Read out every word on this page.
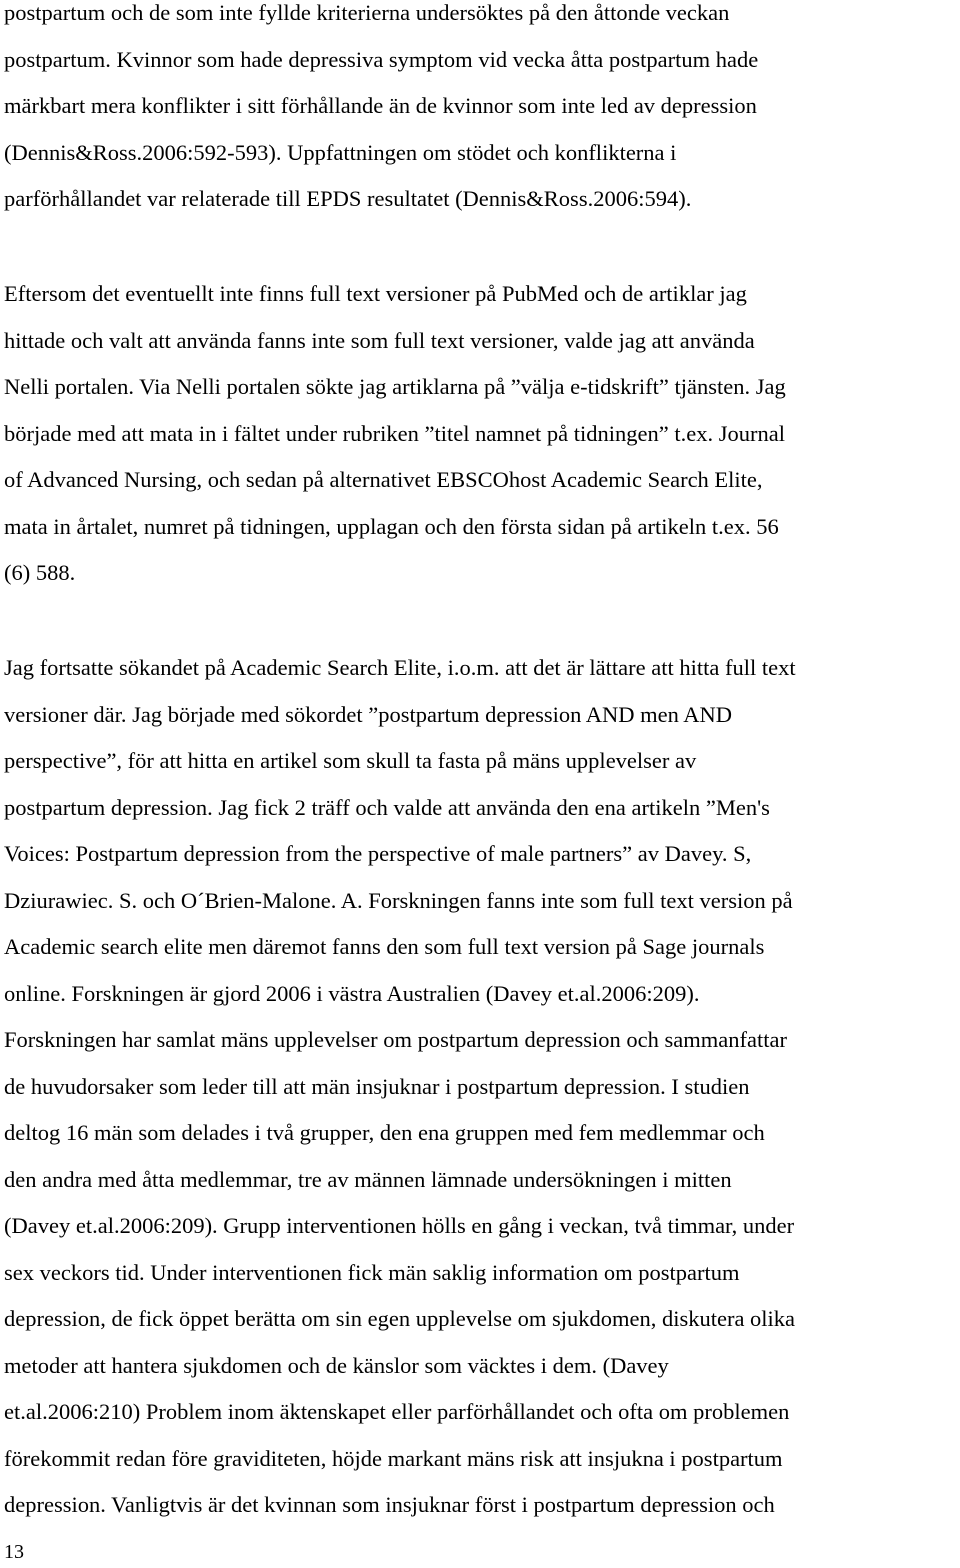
postpartum och de som inte fyllde kriterierna undersöktes på den åttonde veckan
postpartum. Kvinnor som hade depressiva symptom vid vecka åtta postpartum hade
märkbart mera konflikter i sitt förhållande än de kvinnor som inte led av depression
(Dennis&Ross.2006:592-593). Uppfattningen om stödet och konflikterna i
parförhållandet var relaterade till EPDS resultatet (Dennis&Ross.2006:594).
Eftersom det eventuellt inte finns full text versioner på PubMed och de artiklar jag
hittade och valt att använda fanns inte som full text versioner, valde jag att använda
Nelli portalen. Via Nelli portalen sökte jag artiklarna på ”välja e-tidskrift” tjänsten. Jag
började med att mata in i fältet under rubriken ”titel namnet på tidningen” t.ex. Journal
of Advanced Nursing, och sedan på alternativet EBSCOhost Academic Search Elite,
mata in årtalet, numret på tidningen, upplagan och den första sidan på artikeln t.ex. 56
(6) 588.
Jag fortsatte sökandet på Academic Search Elite, i.o.m. att det är lättare att hitta full text
versioner där. Jag började med sökordet ”postpartum depression AND men AND
perspective”, för att hitta en artikel som skull ta fasta på mäns upplevelser av
postpartum depression. Jag fick 2 träff och valde att använda den ena artikeln ”Men's
Voices: Postpartum depression from the perspective of male partners” av Davey. S,
Dziurawiec. S. och O´Brien-Malone. A. Forskningen fanns inte som full text version på
Academic search elite men däremot fanns den som full text version på Sage journals
online. Forskningen är gjord 2006 i västra Australien (Davey et.al.2006:209).
Forskningen har samlat mäns upplevelser om postpartum depression och sammanfattar
de huvudorsaker som leder till att män insjuknar i postpartum depression. I studien
deltog 16 män som delades i två grupper, den ena gruppen med fem medlemmar och
den andra med åtta medlemmar, tre av männen lämnade undersökningen i mitten
(Davey et.al.2006:209). Grupp interventionen hölls en gång i veckan, två timmar, under
sex veckors tid. Under interventionen fick män saklig information om postpartum
depression, de fick öppet berätta om sin egen upplevelse om sjukdomen, diskutera olika
metoder att hantera sjukdomen och de känslor som väcktes i dem. (Davey
et.al.2006:210) Problem inom äktenskapet eller parförhållandet och ofta om problemen
förekommit redan före graviditeten, höjde markant mäns risk att insjukna i postpartum
depression. Vanligtvis är det kvinnan som insjuknar först i postpartum depression och
13
